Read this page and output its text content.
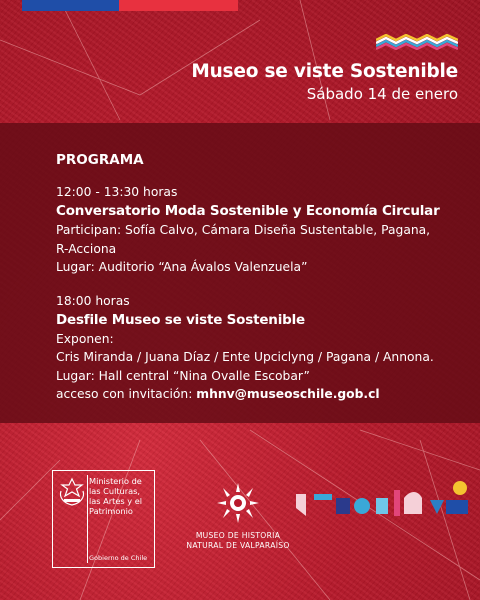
Museo se viste Sostenible
Sábado 14 de enero
PROGRAMA
12:00 - 13:30 horas
Conversatorio Moda Sostenible y Economía Circular
Participan: Sofía Calvo, Cámara Diseña Sustentable, Pagana,
R-Acciona
Lugar: Auditorio “Ana Ávalos Valenzuela”
18:00 horas
Desfile Museo se viste Sostenible
Exponen:
Cris Miranda / Juana Díaz / Ente Upciclyng / Pagana / Annona.
Lugar: Hall central “Nina Ovalle Escobar”
acceso con invitación: mhnv@museoschile.gob.cl
Ministerio de
las Culturas,
las Artes y el
Patrimonio
Gobierno de Chile
MUSEO DE HISTORIA
NATURAL DE VALPARAÍSO
